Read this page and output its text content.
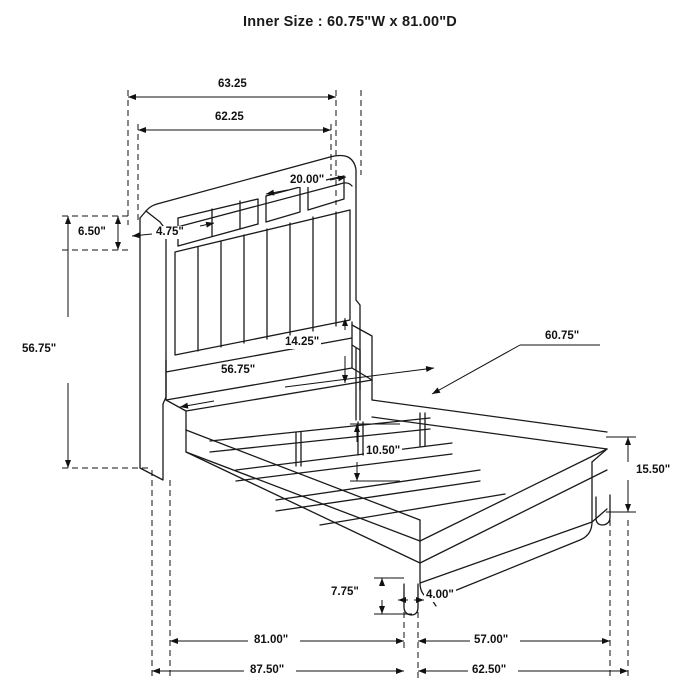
Inner Size : 60.75"W x 81.00"D
63.25
62.25
20.00"
4.75"
6.50"
56.75"
14.25"
56.75"
60.75"
10.50"
15.50"
7.75"	4.00"
81.00"	57.00"
87.50"	62.50"
